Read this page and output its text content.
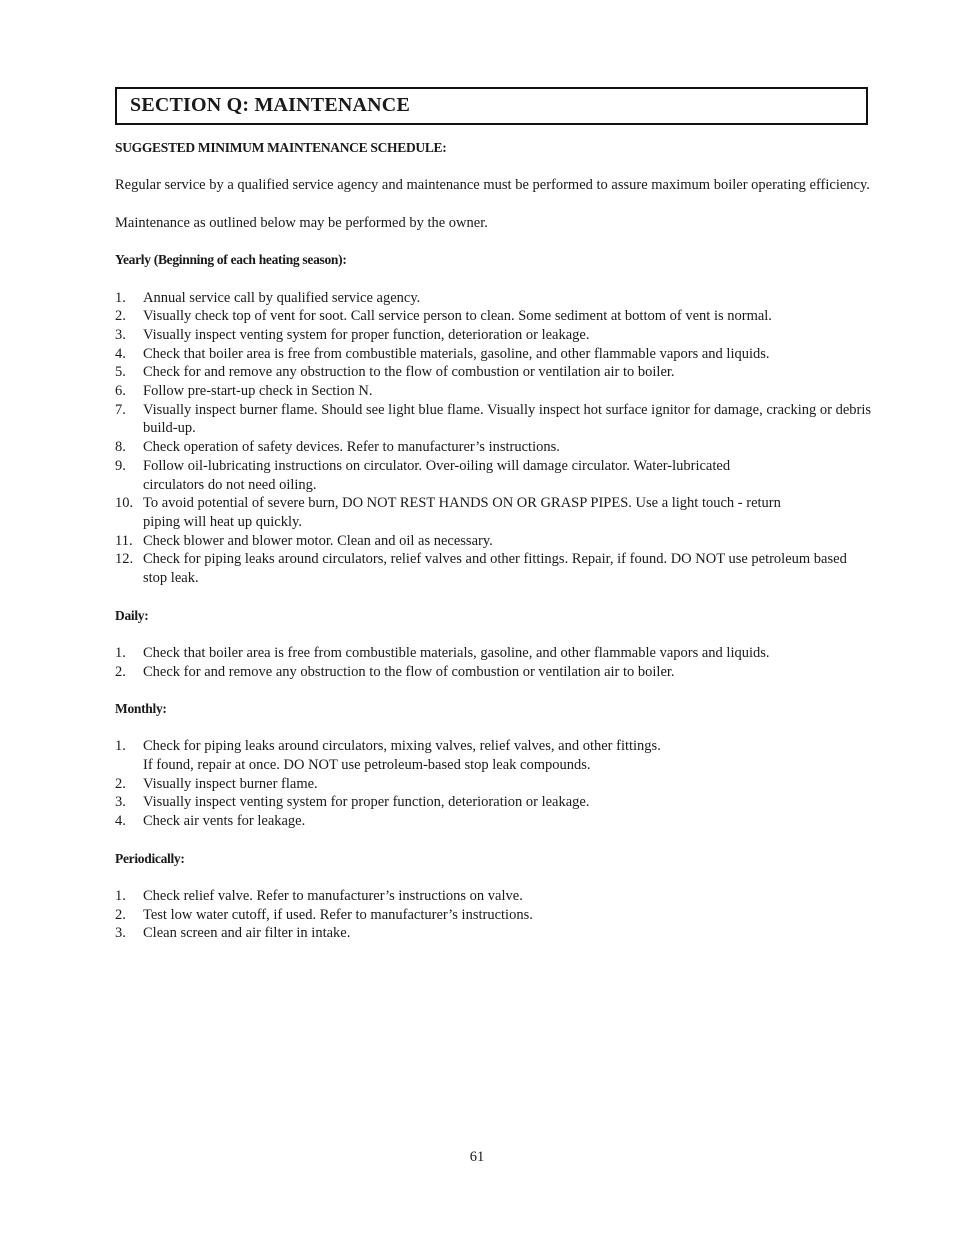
SECTION Q: MAINTENANCE

SUGGESTED MINIMUM MAINTENANCE SCHEDULE:

Regular service by a qualified service agency and maintenance must be performed to assure maximum boiler operating efficiency.

Maintenance as outlined below may be performed by the owner.

Yearly (Beginning of each heating season):

1. Annual service call by qualified service agency.
2. Visually check top of vent for soot. Call service person to clean. Some sediment at bottom of vent is normal.
3. Visually inspect venting system for proper function, deterioration or leakage.
4. Check that boiler area is free from combustible materials, gasoline, and other flammable vapors and liquids.
5. Check for and remove any obstruction to the flow of combustion or ventilation air to boiler.
6. Follow pre-start-up check in Section N.
7. Visually inspect burner flame. Should see light blue flame. Visually inspect hot surface ignitor for damage, cracking or debris build-up.
8. Check operation of safety devices. Refer to manufacturer’s instructions.
9. Follow oil-lubricating instructions on circulator. Over-oiling will damage circulator. Water-lubricated circulators do not need oiling.
10. To avoid potential of severe burn, DO NOT REST HANDS ON OR GRASP PIPES. Use a light touch - return piping will heat up quickly.
11. Check blower and blower motor. Clean and oil as necessary.
12. Check for piping leaks around circulators, relief valves and other fittings. Repair, if found. DO NOT use petroleum based stop leak.

Daily:

1. Check that boiler area is free from combustible materials, gasoline, and other flammable vapors and liquids.
2. Check for and remove any obstruction to the flow of combustion or ventilation air to boiler.

Monthly:

1. Check for piping leaks around circulators, mixing valves, relief valves, and other fittings.
If found, repair at once. DO NOT use petroleum-based stop leak compounds.
2. Visually inspect burner flame.
3. Visually inspect venting system for proper function, deterioration or leakage.
4. Check air vents for leakage.

Periodically:

1. Check relief valve. Refer to manufacturer’s instructions on valve.
2. Test low water cutoff, if used. Refer to manufacturer’s instructions.
3. Clean screen and air filter in intake.
61
